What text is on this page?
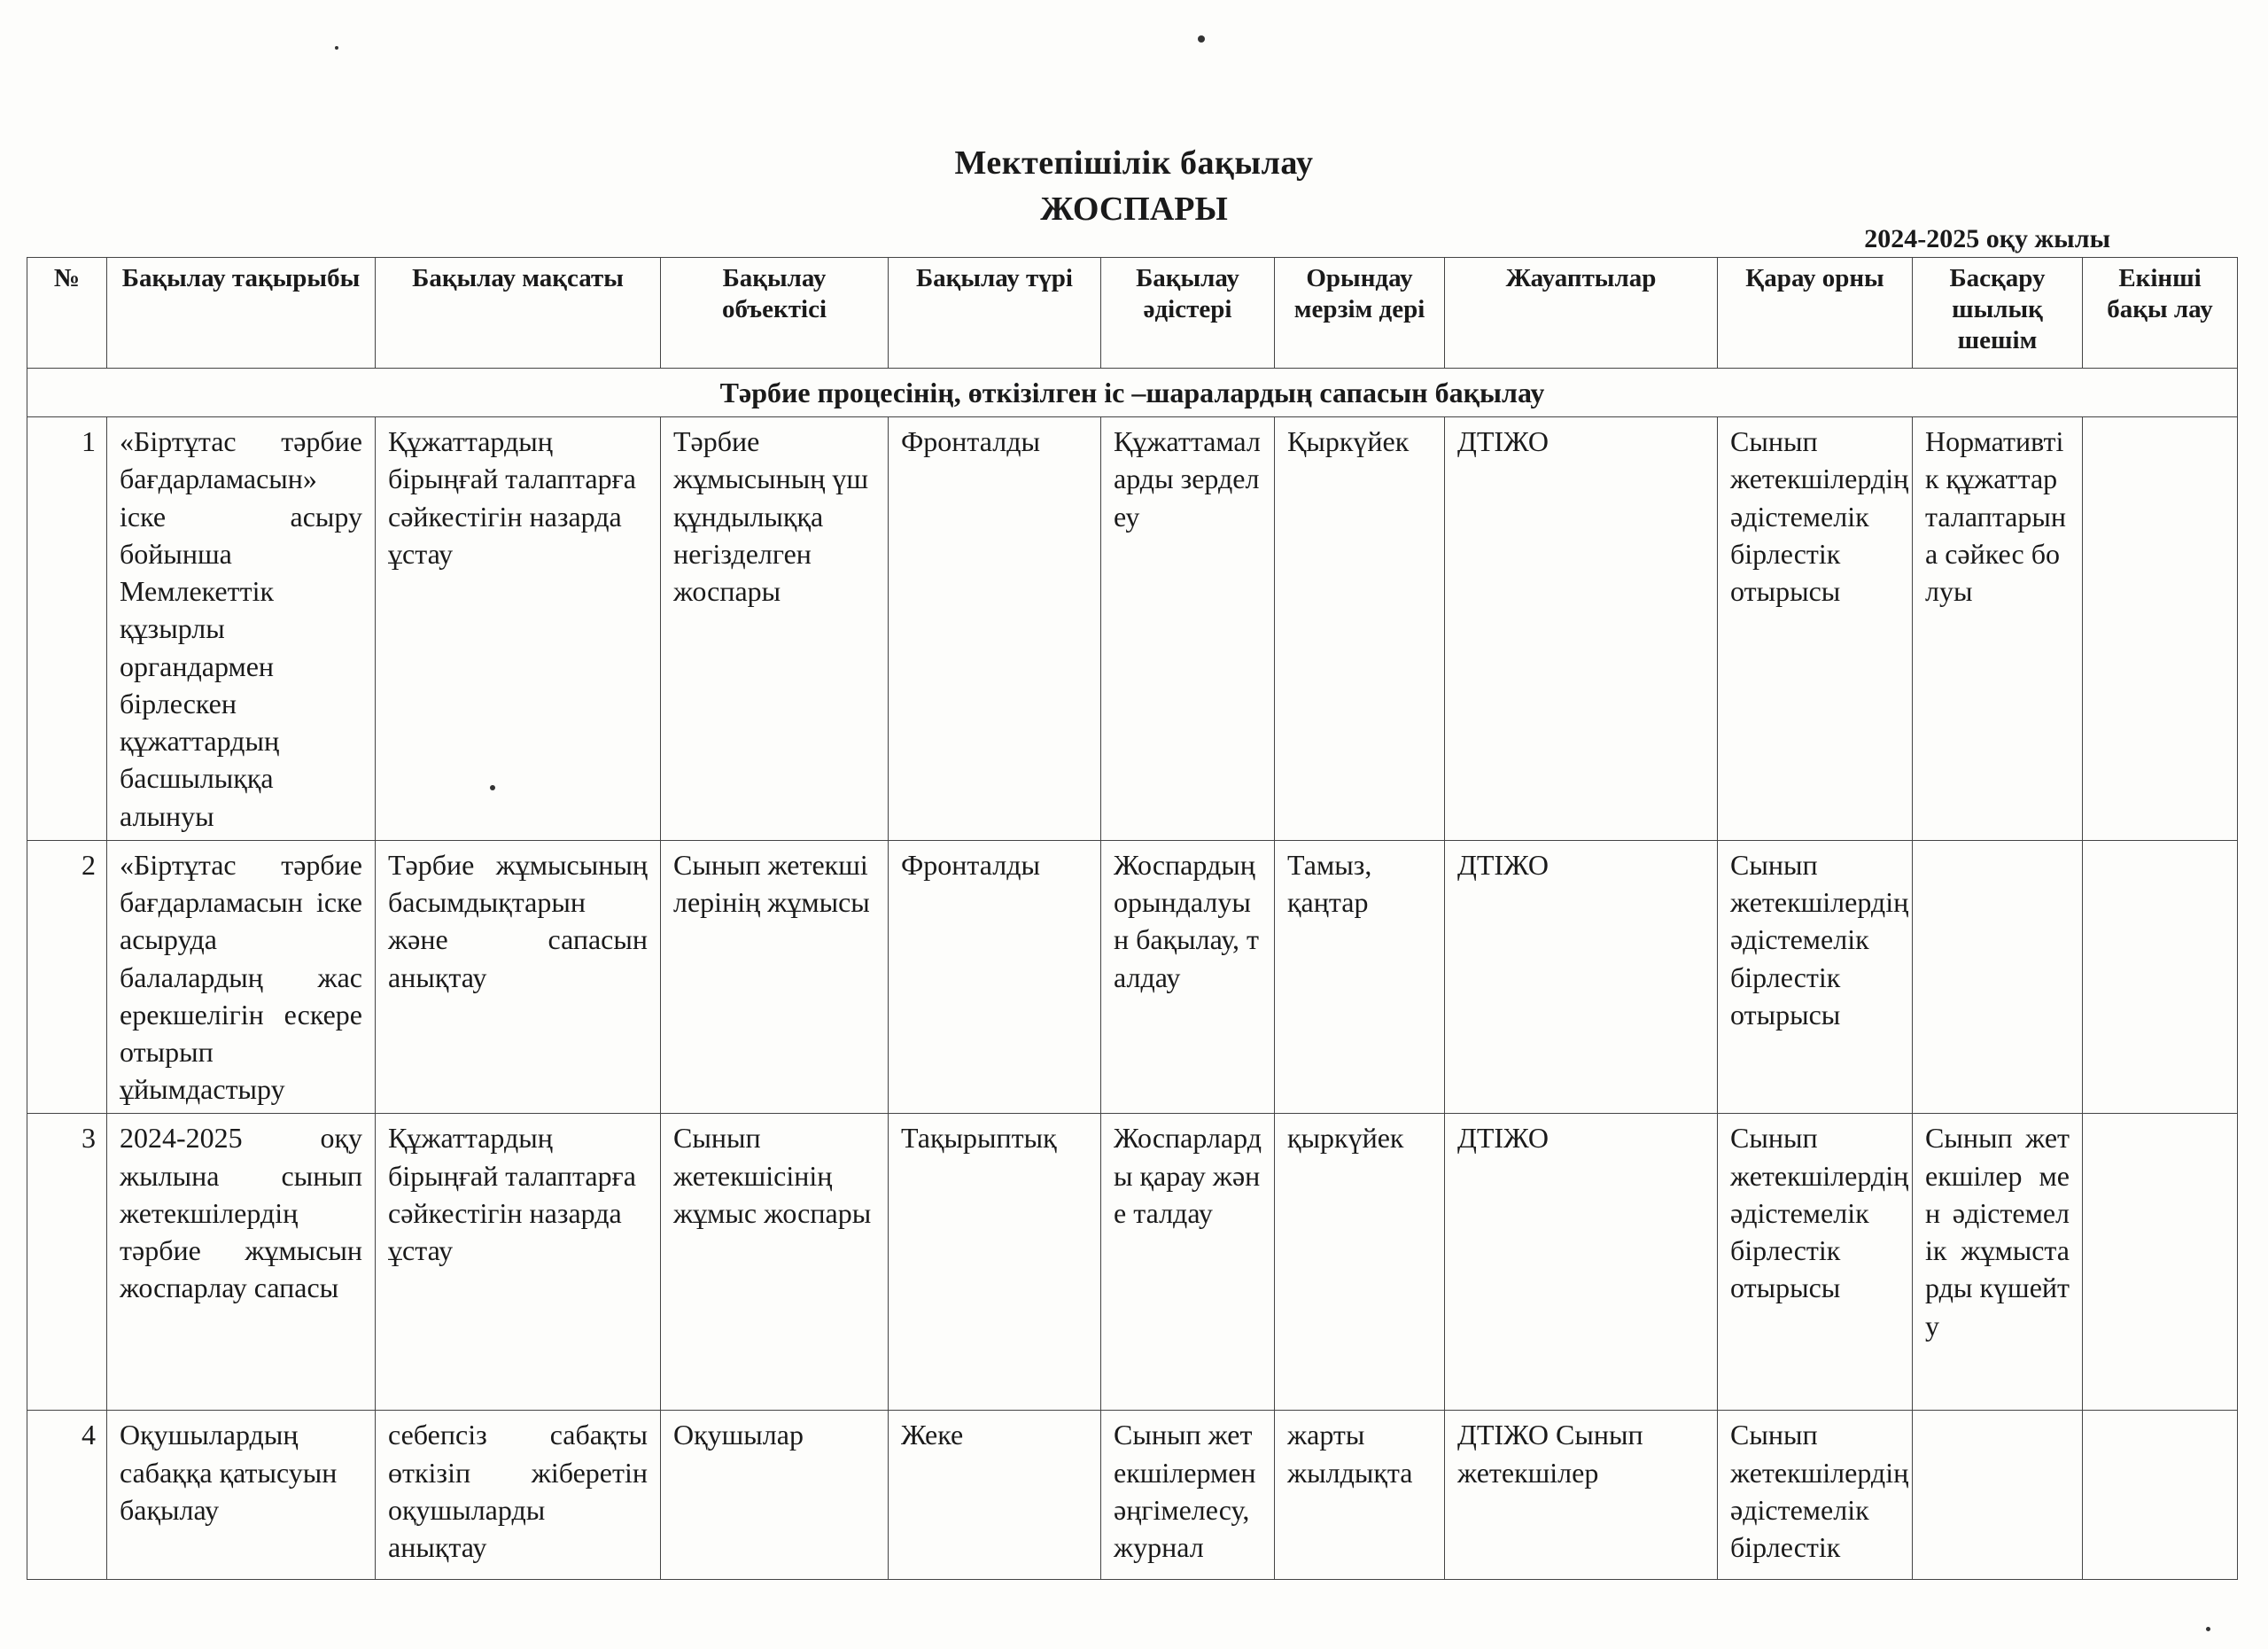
Мектепішілік бақылау
ЖОСПАРЫ
2024-2025 оқу жылы
№	Бақылау тақырыбы	Бақылау мақсаты	Бақылау объектісі	Бақылау түрі	Бақылау әдістері	Орындау мерзім дері	Жауаптылар	Қарау орны	Басқару шылық шешім	Екінші бақы лау
Тәрбие процесінің, өткізілген іс –шаралардың сапасын бақылау										
1	«Біртұтас тәрбие бағдарламасын» іске асыру бойынша Мемлекеттік құзырлы органдармен бірлескен құжаттардың басшылыққа алынуы	Құжаттардың бірыңғай талаптарға сәйкестігін назарда ұстау	Тәрбие жұмысының үш құндылыққа негізделген жоспары	Фронталды	Құжаттамаларды зерделеу	Қыркүйек	ДТІЖО	Сынып жетекшілердің әдістемелік бірлестік отырысы	Нормативтік құжаттар талаптарына сәйкес болуы	
2	«Біртұтас тәрбие бағдарламасын іске асыруда балалардың жас ерекшелігін ескере отырып ұйымдастыру	Тәрбие жұмысының басымдықтарын және сапасын анықтау	Сынып жетекшілерінің жұмысы	Фронталды	Жоспардың орындалуын бақылау, талдау	Тамыз, қаңтар	ДТІЖО	Сынып жетекшілердің әдістемелік бірлестік отырысы		
3	2024-2025 оқу жылына сынып жетекшілердің тәрбие жұмысын жоспарлау сапасы	Құжаттардың бірыңғай талаптарға сәйкестігін назарда ұстау	Сынып жетекшісінің жұмыс жоспары	Тақырыптық	Жоспарларды қарау және талдау	қыркүйек	ДТІЖО	Сынып жетекшілердің әдістемелік бірлестік отырысы	Сынып жетекшілер мен әдістемелік жұмыстарды күшейту	
4	Оқушылардың сабаққа қатысуын бақылау	себепсіз сабақты өткізіп жіберетін оқушыларды анықтау	Оқушылар	Жеке	Сынып жетекшілермен әңгімелесу,журнал	жарты жылдықта	ДТІЖО Сынып жетекшілер	Сынып жетекшілердің әдістемелік бірлестік		
